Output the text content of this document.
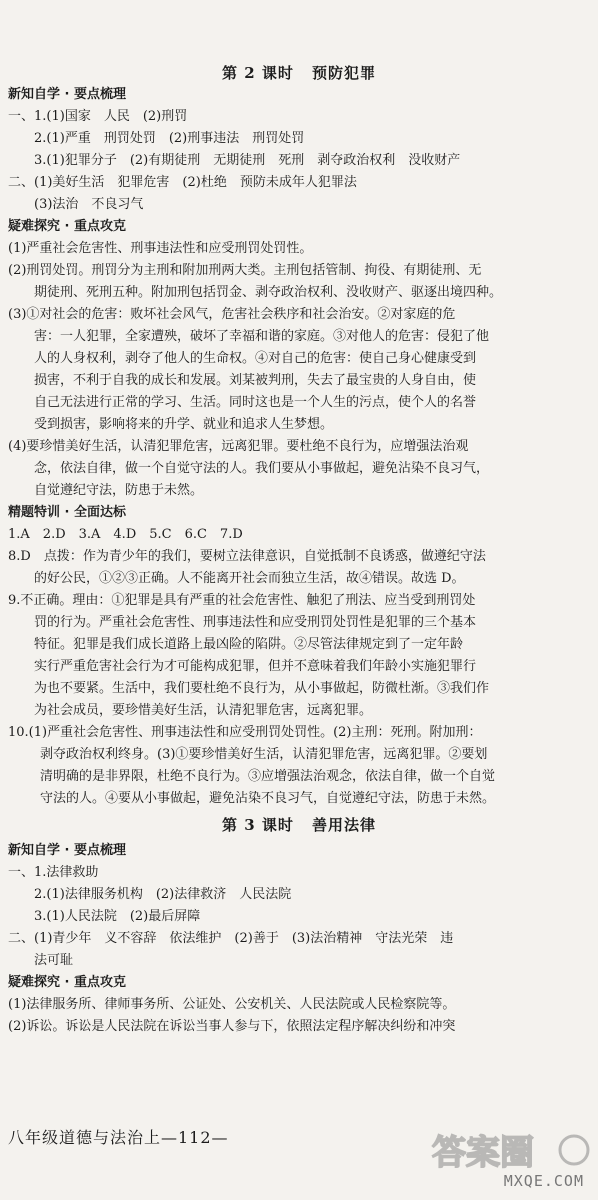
第 2 课时 预防犯罪

新知自学 · 要点梳理

一、1.(1)国家　人民　(2)刑罚

2.(1)严重　刑罚处罚　(2)刑事违法　刑罚处罚

3.(1)犯罪分子　(2)有期徒刑　无期徒刑　死刑　剥夺政治权利　没收财产

二、(1)美好生活　犯罪危害　(2)杜绝　预防未成年人犯罪法

(3)法治　不良习气

疑难探究 · 重点攻克

(1)严重社会危害性、刑事违法性和应受刑罚处罚性。

(2)刑罚处罚。刑罚分为主刑和附加刑两大类。主刑包括管制、拘役、有期徒刑、无

期徒刑、死刑五种。附加刑包括罚金、剥夺政治权利、没收财产、驱逐出境四种。

(3)①对社会的危害：败坏社会风气，危害社会秩序和社会治安。②对家庭的危

害：一人犯罪，全家遭殃，破坏了幸福和谐的家庭。③对他人的危害：侵犯了他

人的人身权利，剥夺了他人的生命权。④对自己的危害：使自己身心健康受到

损害，不利于自我的成长和发展。刘某被判刑，失去了最宝贵的人身自由，使

自己无法进行正常的学习、生活。同时这也是一个人生的污点，使个人的名誉

受到损害，影响将来的升学、就业和追求人生梦想。

(4)要珍惜美好生活，认清犯罪危害，远离犯罪。要杜绝不良行为，应增强法治观

念，依法自律，做一个自觉守法的人。我们要从小事做起，避免沾染不良习气，

自觉遵纪守法，防患于未然。

精题特训 · 全面达标

1.A　2.D　3.A　4.D　5.C　6.C　7.D

8.D　点拨：作为青少年的我们，要树立法律意识，自觉抵制不良诱惑，做遵纪守法

的好公民，①②③正确。人不能离开社会而独立生活，故④错误。故选 D。

9.不正确。理由：①犯罪是具有严重的社会危害性、触犯了刑法、应当受到刑罚处

罚的行为。严重社会危害性、刑事违法性和应受刑罚处罚性是犯罪的三个基本

特征。犯罪是我们成长道路上最凶险的陷阱。②尽管法律规定到了一定年龄

实行严重危害社会行为才可能构成犯罪，但并不意味着我们年龄小实施犯罪行

为也不要紧。生活中，我们要杜绝不良行为，从小事做起，防微杜渐。③我们作

为社会成员，要珍惜美好生活，认清犯罪危害，远离犯罪。

10.(1)严重社会危害性、刑事违法性和应受刑罚处罚性。(2)主刑：死刑。附加刑：

剥夺政治权利终身。(3)①要珍惜美好生活，认清犯罪危害，远离犯罪。②要划

清明确的是非界限，杜绝不良行为。③应增强法治观念，依法自律，做一个自觉

守法的人。④要从小事做起，避免沾染不良习气，自觉遵纪守法，防患于未然。

第 3 课时 善用法律

新知自学 · 要点梳理

一、1.法律救助

2.(1)法律服务机构　(2)法律救济　人民法院

3.(1)人民法院　(2)最后屏障

二、(1)青少年　义不容辞　依法维护　(2)善于　(3)法治精神　守法光荣　违

法可耻

疑难探究 · 重点攻克

(1)法律服务所、律师事务所、公证处、公安机关、人民法院或人民检察院等。

(2)诉讼。诉讼是人民法院在诉讼当事人参与下，依照法定程序解决纠纷和冲突

八年级道德与法治上—112—	答案圈
MXQE.COM
